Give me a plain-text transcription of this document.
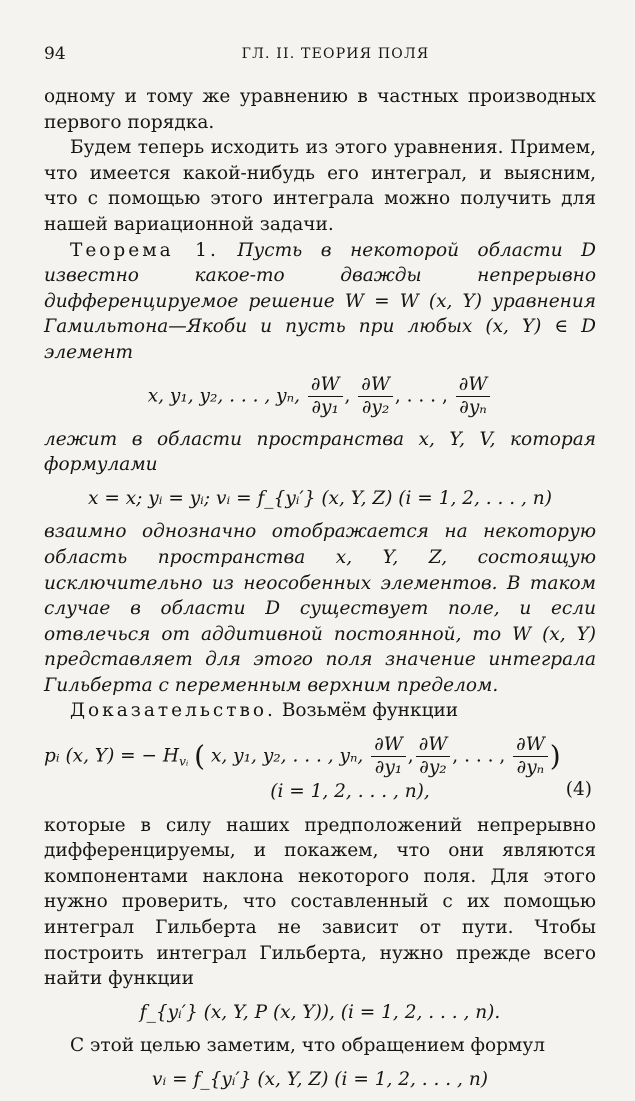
94	ГЛ. II. ТЕОРИЯ ПОЛЯ

одному и тому же уравнению в частных производных первого порядка.

Будем теперь исходить из этого уравнения. Примем, что имеется какой-нибудь его интеграл, и выясним, что с помощью этого интеграла можно получить для нашей вариационной задачи.

Теорема 1. Пусть в некоторой области D известно какое-то дважды непрерывно дифференцируемое решение W = W (x, Y) уравнения Гамильтона—Якоби и пусть при любых (x, Y) ∈ D элемент

x, y₁, y₂, . . . , yₙ, $\frac{\partial W}{\text{∂y₁}}$ , $\frac{\partial W}{\text{∂y₂}}$ , . . . , $\frac{\partial W}{\text{∂yₙ}}$

лежит в области пространства x, Y, V, которая формулами

x = x; yᵢ = yᵢ; vᵢ = f_{yᵢ′} (x, Y, Z) (i = 1, 2, . . . , n)

взаимно однозначно отображается на некоторую область пространства x, Y, Z, состоящую исключительно из неособенных элементов. В таком случае в области D существует поле, и если отвлечься от аддитивной постоянной, то W (x, Y) представляет для этого поля значение интеграла Гильберта с переменным верхним пределом.

Доказательство. Возьмём функции

pᵢ (x, Y) = − $H_{vᵢ}$ ( x, y₁, y₂, . . . , yₙ, $\frac{\partial W}{\text{∂y₁}}$ , $\frac{\partial W}{\text{∂y₂}}$ , . . . , $\frac{\partial W}{\text{∂yₙ}}$ )
(i = 1, 2, . . . , n),	(4)

которые в силу наших предположений непрерывно дифференцируемы, и покажем, что они являются компонентами наклона некоторого поля. Для этого нужно проверить, что составленный с их помощью интеграл Гильберта не зависит от пути. Чтобы построить интеграл Гильберта, нужно прежде всего найти функции

f_{yᵢ′} (x, Y, P (x, Y)), (i = 1, 2, . . . , n).

С этой целью заметим, что обращением формул

vᵢ = f_{yᵢ′} (x, Y, Z) (i = 1, 2, . . . , n)
